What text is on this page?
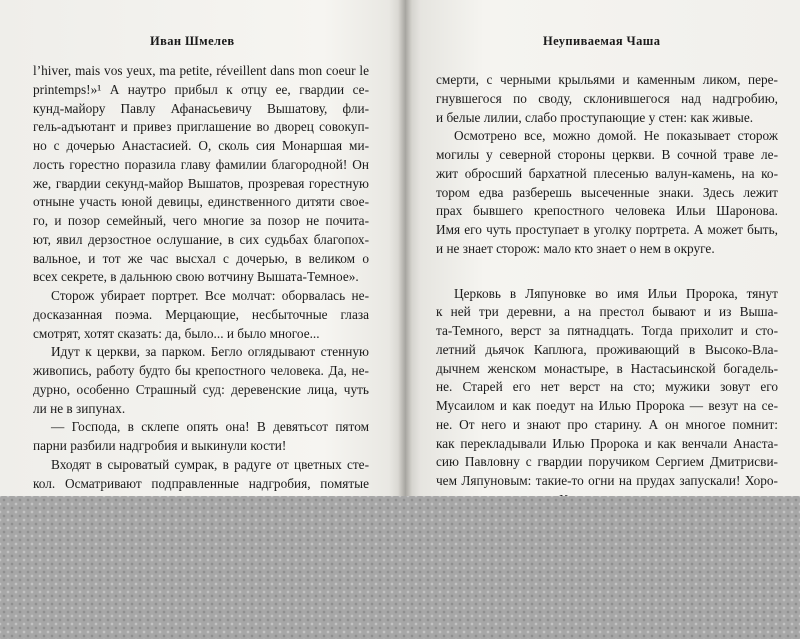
Иван Шмелев
l’hiver, mais vos yeux, ma petite, réveillent dans mon coeur le
printemps!»¹ А наутро прибыл к отцу ее, гвардии се-
кунд-майору Павлу Афанасьевичу Вышатову, фли-
гель-адъютант и привез приглашение во дворец совокуп-
но с дочерью Анастасией. О, сколь сия Монаршая ми-
лость горестно поразила главу фамилии благородной! Он
же, гвардии секунд-майор Вышатов, прозревая горестную
отныне участь юной девицы, единственного дитяти свое-
го, и позор семейный, чего многие за позор не почита-
ют, явил дерзостное ослушание, в сих судьбах благопох-
вальное, и тот же час высхал с дочерью, в великом о
всех секрете, в дальнюю свою вотчину Вышата-Темное».
Сторож убирает портрет. Все молчат: оборвалась не-
досказанная поэма. Мерцающие, несбыточные глаза
смотрят, хотят сказать: да, было... и было многое...
Идут к церкви, за парком. Бегло оглядывают стенную
живопись, работу будто бы крепостного человека. Да, не-
дурно, особенно Страшный суд: деревенские лица, чуть
ли не в зипунах.
— Господа, в склепе опять она! В девятьсот пятом
парни разбили надгробия и выкинули кости!
Входят в сыроватый сумрак, в радуге от цветных сте-
кол. Осматривают подправленные надгробия, помятые
Неупиваемая Чаша
смерти, с черными крыльями и каменным ликом, пере-
гнувшегося по своду, склонившегося над надгробию,
и белые лилии, слабо проступающие у стен: как живые.
Осмотрено все, можно домой. Не показывает сторож
могилы у северной стороны церкви. В сочной траве ле-
жит обросший бархатной плесенью валун-камень, на ко-
тором едва разберешь высеченные знаки. Здесь лежит
прах бывшего крепостного человека Ильи Шаронова.
Имя его чуть проступает в уголку портрета. А может быть,
и не знает сторож: мало кто знает о нем в округе.
Церковь в Ляпуновке во имя Ильи Пророка, тянут
к ней три деревни, а на престол бывают и из Выша-
та-Темного, верст за пятнадцать. Тогда прихолит и сто-
летний дьячок Каплюга, проживающий в Высоко-Вла-
дычнем женском монастыре, в Настасьинской богадель-
не. Старей его нет верст на сто; мужики зовут его
Мусаилом и как поедут на Илью Пророка — везут на се-
не. От него и знают про старину. А он многое помнит:
как перекладывали Илью Пророка и как венчали Анаста-
сию Павловну с гвардии поручиком Сергием Дмитрисви-
чем Ляпуновым: такие-то огни на прудах запускали! Хоро-
